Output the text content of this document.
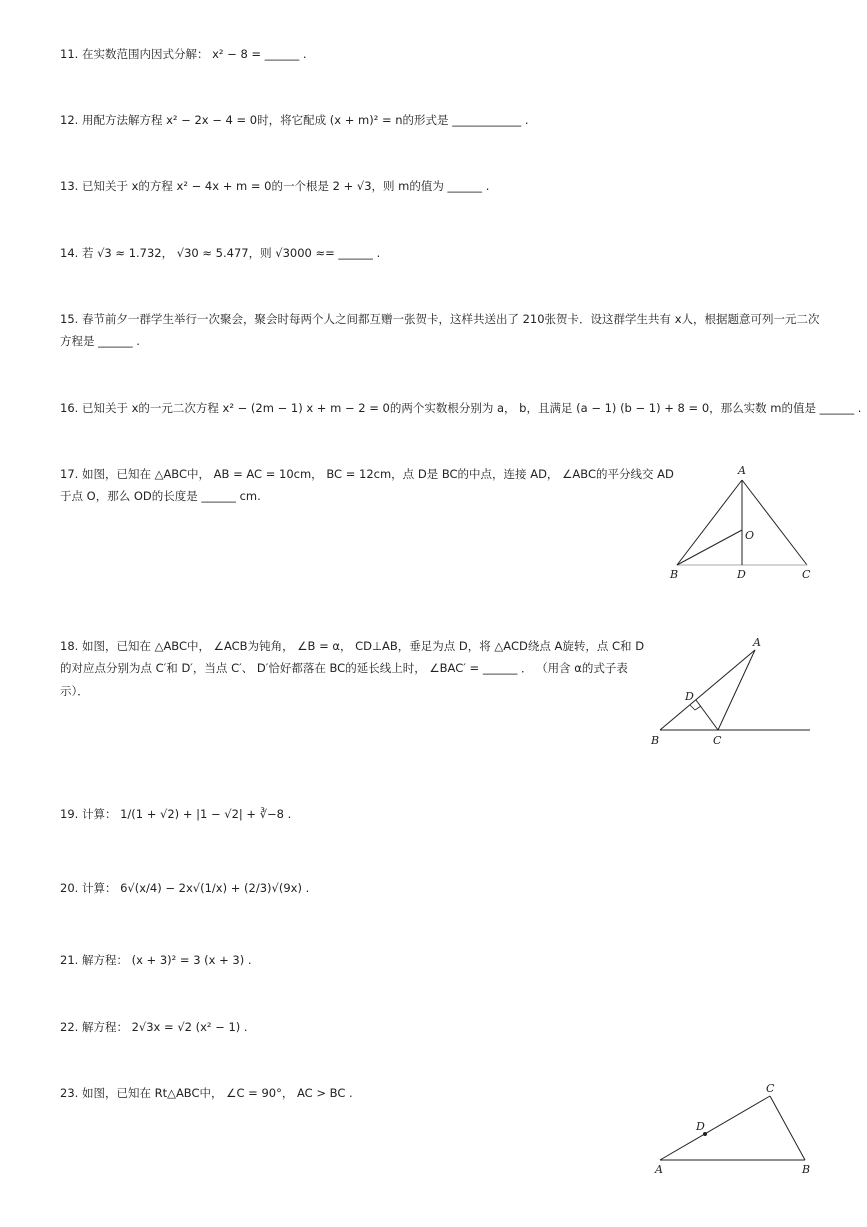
11. 在实数范围内因式分解： x² − 8 = ______ .
12. 用配方法解方程 x² − 2x − 4 = 0时，将它配成 (x + m)² = n的形式是 ____________ .
13. 已知关于 x的方程 x² − 4x + m = 0的一个根是 2 + √3，则 m的值为 ______ .
14. 若 √3 ≈ 1.732， √30 ≈ 5.477，则 √3000 ≈= ______ .
15. 春节前夕一群学生举行一次聚会，聚会时每两个人之间都互赠一张贺卡，这样共送出了 210张贺卡．设这群学生共有 x人，根据题意可列一元二次
方程是 ______ .
16. 已知关于 x的一元二次方程 x² − (2m − 1) x + m − 2 = 0的两个实数根分别为 a， b，且满足 (a − 1) (b − 1) + 8 = 0，那么实数 m的值是 ______ .
17. 如图，已知在 △ABC中， AB = AC = 10cm， BC = 12cm，点 D是 BC的中点，连接 AD， ∠ABC的平分线交 AD
于点 O，那么 OD的长度是 ______ cm.
18. 如图，已知在 △ABC中， ∠ACB为钝角， ∠B = α， CD⊥AB，垂足为点 D，将 △ACD绕点 A旋转，点 C和 D
的对应点分别为点 C′和 D′，当点 C′、 D′恰好都落在 BC的延长线上时， ∠BAC′ = ______ ． （用含 α的式子表
示）．
19. 计算： 1/(1 + √2) + |1 − √2| + ∛−8 .
20. 计算： 6√(x/4) − 2x√(1/x) + (2/3)√(9x) .
21. 解方程： (x + 3)² = 3 (x + 3) .
22. 解方程： 2√3x = √2 (x² − 1) .
23. 如图，已知在 Rt△ABC中， ∠C = 90°， AC > BC .
A
B	C
D
O
A
B	C
D
C
A	B
D
